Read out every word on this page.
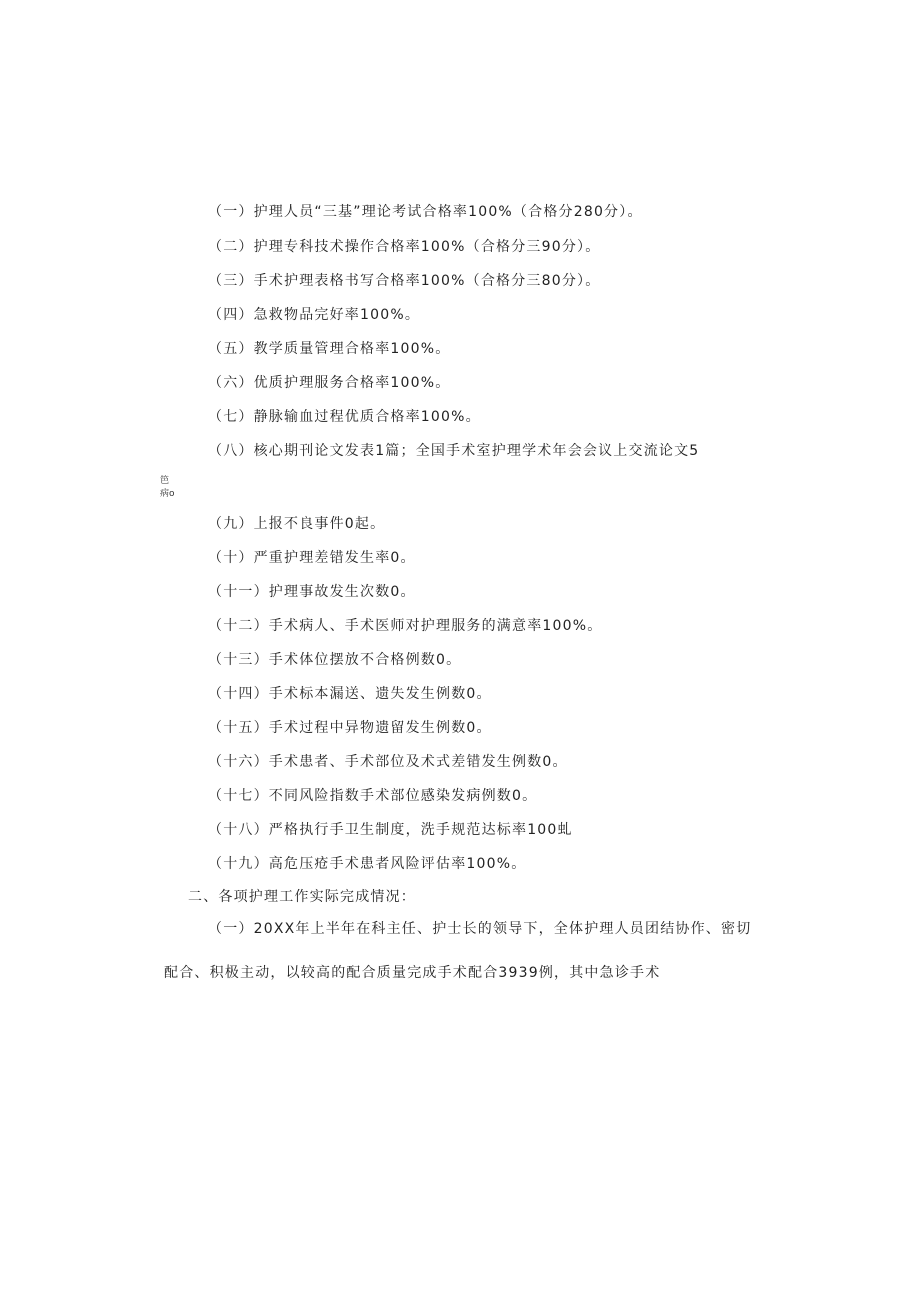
（一）护理人员“三基”理论考试合格率100%（合格分280分）。
（二）护理专科技术操作合格率100%（合格分三90分）。
（三）手术护理表格书写合格率100%（合格分三80分）。
（四）急救物品完好率100%。
（五）教学质量管理合格率100%。
（六）优质护理服务合格率100%。
（七）静脉输血过程优质合格率100%。
（八）核心期刊论文发表1篇；全国手术室护理学术年会会议上交流论文5
笆
病o
（九）上报不良事件0起。
（十）严重护理差错发生率0。
（十一）护理事故发生次数0。
（十二）手术病人、手术医师对护理服务的满意率100%。
（十三）手术体位摆放不合格例数0。
（十四）手术标本漏送、遗失发生例数0。
（十五）手术过程中异物遗留发生例数0。
（十六）手术患者、手术部位及术式差错发生例数0。
（十七）不同风险指数手术部位感染发病例数0。
（十八）严格执行手卫生制度，洗手规范达标率100虬
（十九）高危压疮手术患者风险评估率100%。
二、各项护理工作实际完成情况：
（一）20XX年上半年在科主任、护士长的领导下，全体护理人员团结协作、密切
配合、积极主动，以较高的配合质量完成手术配合3939例，其中急诊手术
